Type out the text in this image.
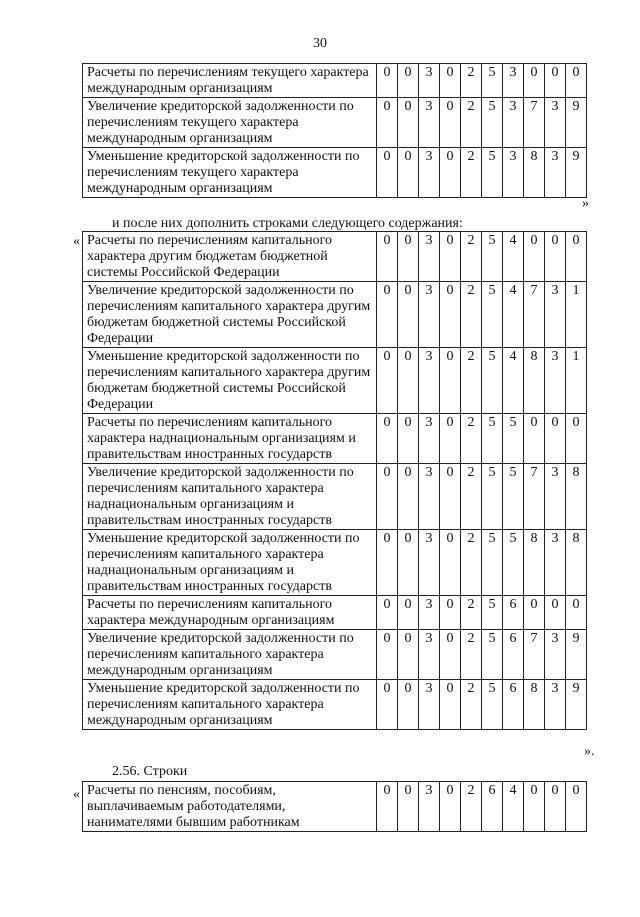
30
Расчеты по перечислениям текущего характера международным организациям	0	0	3	0	2	5	3	0	0	0
Увеличение кредиторской задолженности по перечислениям текущего характера международным организациям	0	0	3	0	2	5	3	7	3	9
Уменьшение кредиторской задолженности по перечислениям текущего характера международным организациям	0	0	3	0	2	5	3	8	3	9
»
и после них дополнить строками следующего содержания:
« Расчеты по перечислениям капитального характера другим бюджетам бюджетной системы Российской Федерации	0	0	3	0	2	5	4	0	0	0
Увеличение кредиторской задолженности по перечислениям капитального характера другим бюджетам бюджетной системы Российской Федерации	0	0	3	0	2	5	4	7	3	1
Уменьшение кредиторской задолженности по перечислениям капитального характера другим бюджетам бюджетной системы Российской Федерации	0	0	3	0	2	5	4	8	3	1
Расчеты по перечислениям капитального характера наднациональным организациям и правительствам иностранных государств	0	0	3	0	2	5	5	0	0	0
Увеличение кредиторской задолженности по перечислениям капитального характера наднациональным организациям и правительствам иностранных государств	0	0	3	0	2	5	5	7	3	8
Уменьшение кредиторской задолженности по перечислениям капитального характера наднациональным организациям и правительствам иностранных государств	0	0	3	0	2	5	5	8	3	8
Расчеты по перечислениям капитального характера международным организациям	0	0	3	0	2	5	6	0	0	0
Увеличение кредиторской задолженности по перечислениям капитального характера международным организациям	0	0	3	0	2	5	6	7	3	9
Уменьшение кредиторской задолженности по перечислениям капитального характера международным организациям	0	0	3	0	2	5	6	8	3	9
».
2.56. Строки
« Расчеты по пенсиям, пособиям, выплачиваемым работодателями, нанимателями бывшим работникам	0	0	3	0	2	6	4	0	0	0
